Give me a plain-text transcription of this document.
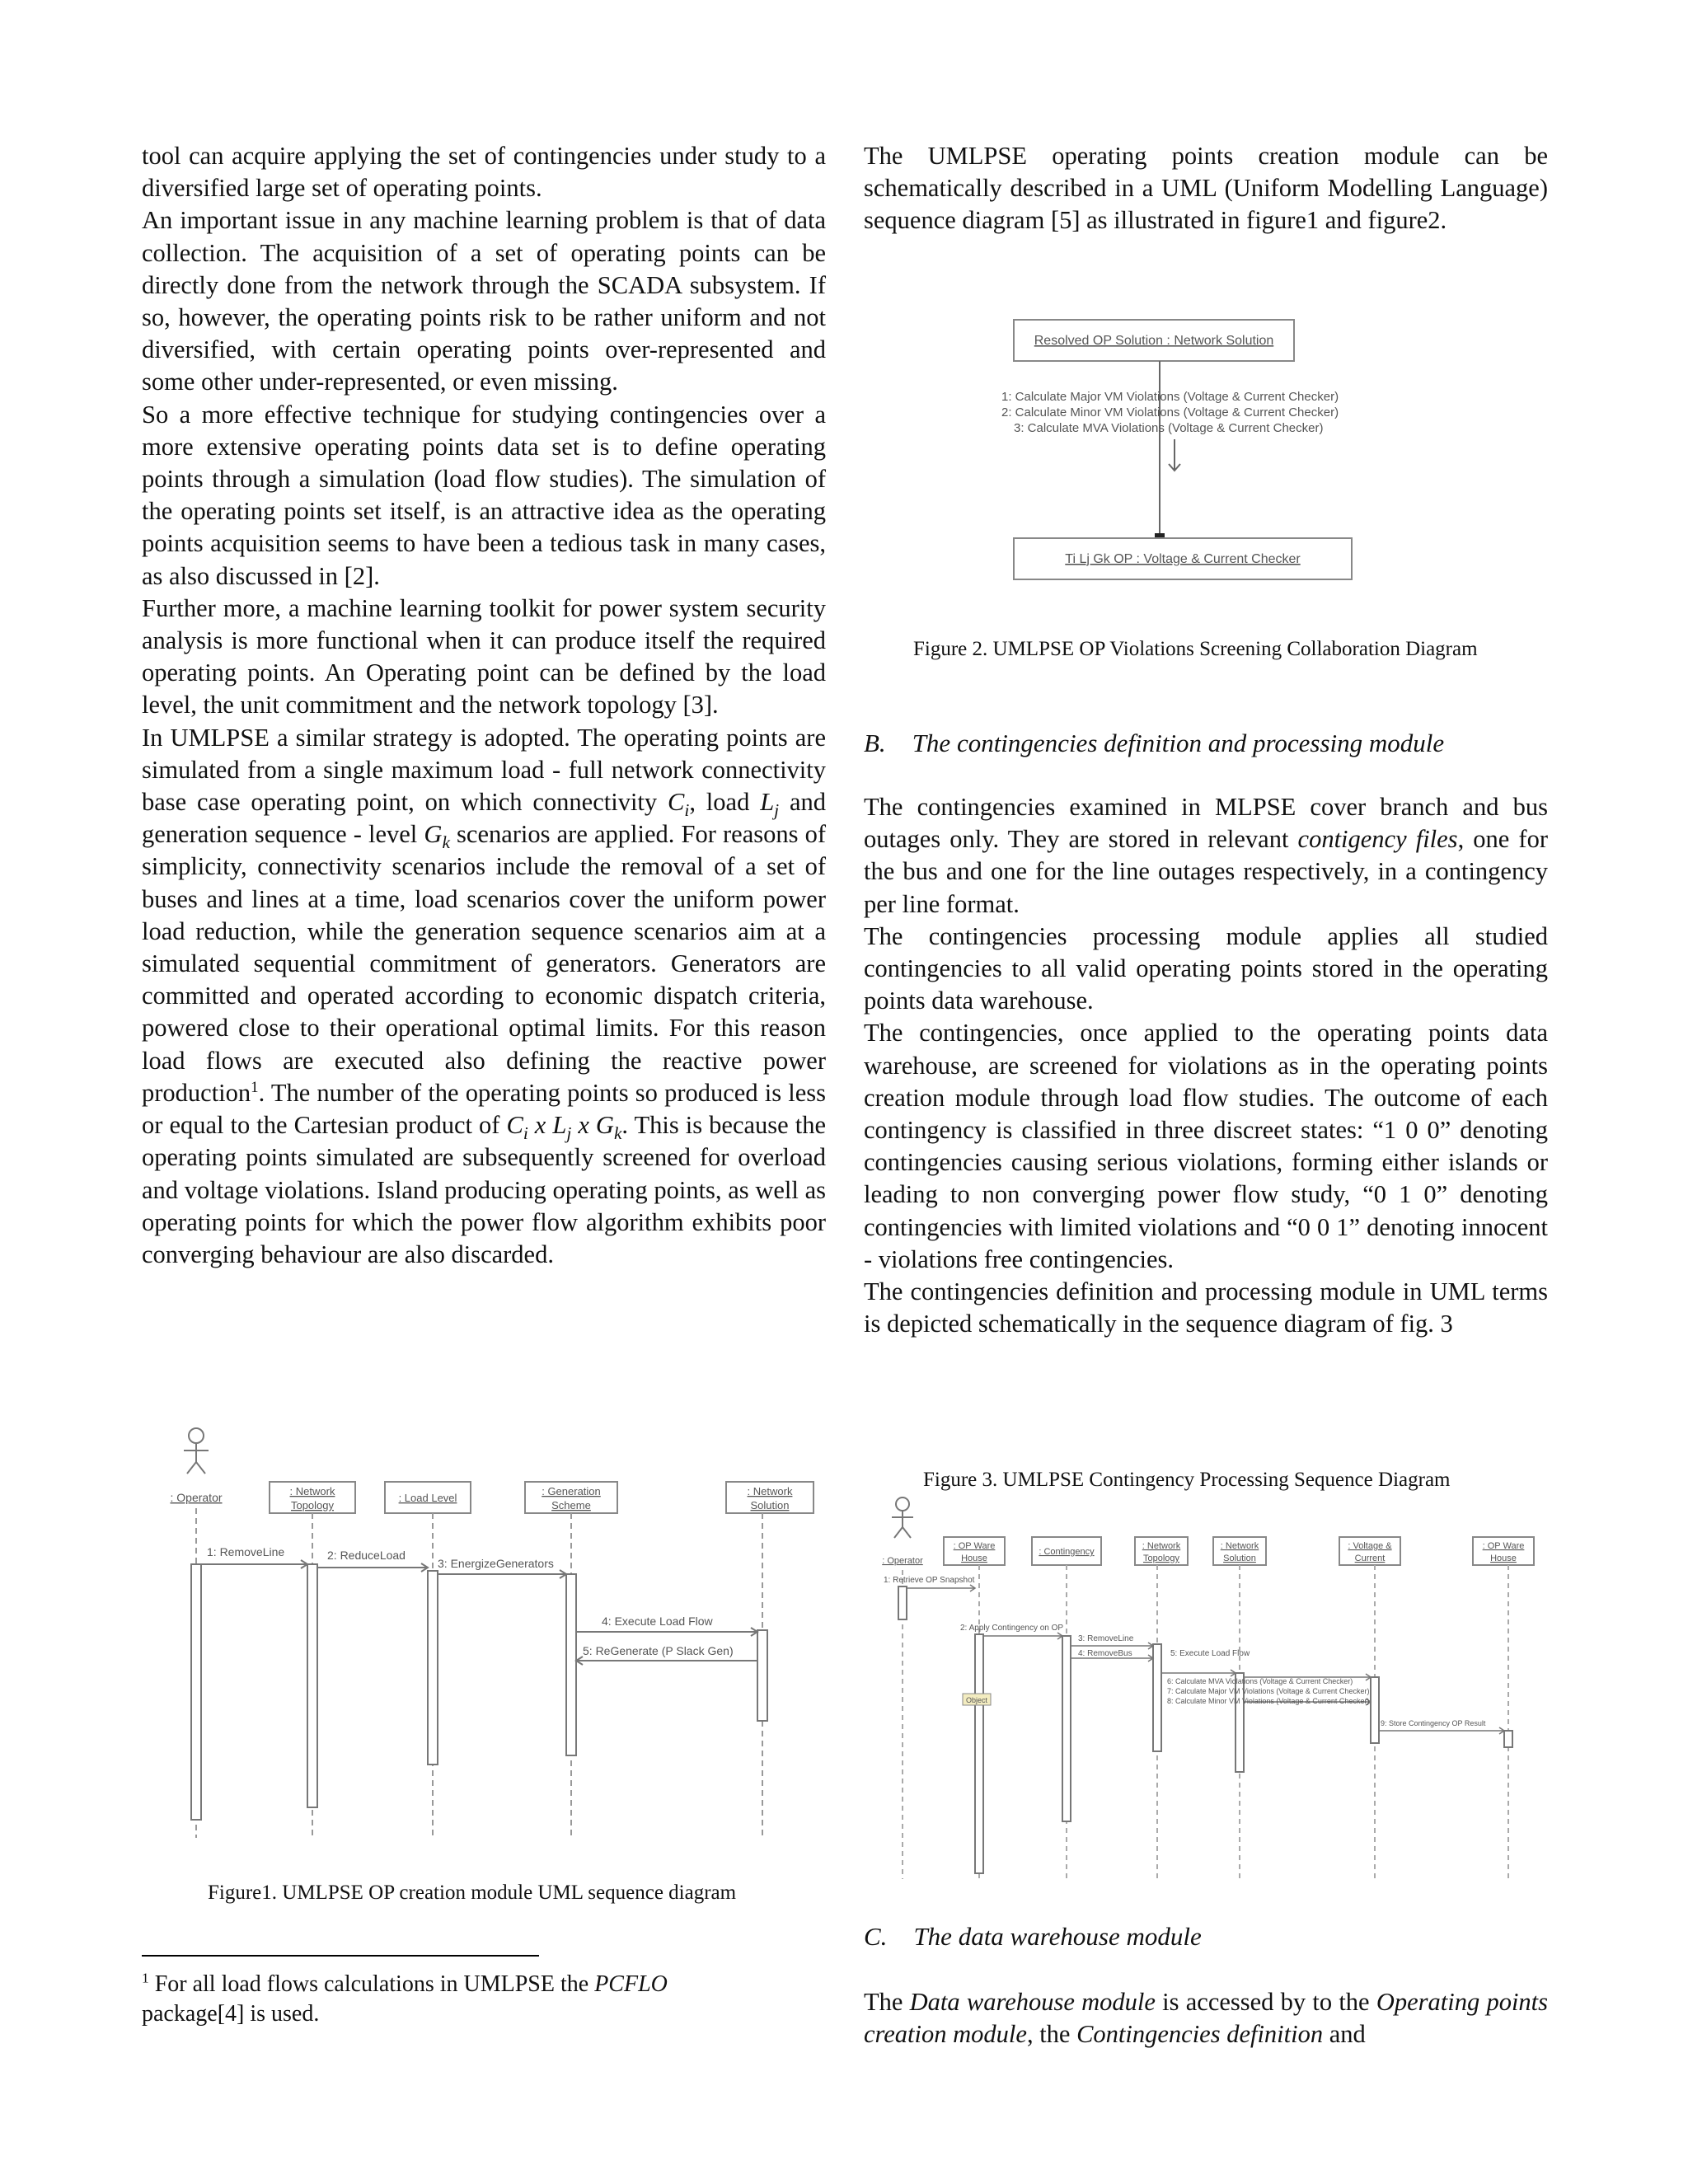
tool can acquire applying the set of contingencies under study to a diversified large set of operating points.

An important issue in any machine learning problem is that of data collection. The acquisition of a set of operating points can be directly done from the network through the SCADA subsystem. If so, however, the operating points risk to be rather uniform and not diversified, with certain operating points over-represented and some other under-represented, or even missing.

So a more effective technique for studying contingencies over a more extensive operating points data set is to define operating points through a simulation (load flow studies). The simulation of the operating points set itself, is an attractive idea as the operating points acquisition seems to have been a tedious task in many cases, as also discussed in [2].

Further more, a machine learning toolkit for power system security analysis is more functional when it can produce itself the required operating points. An Operating point can be defined by the load level, the unit commitment and the network topology [3].

In UMLPSE a similar strategy is adopted. The operating points are simulated from a single maximum load - full network connectivity base case operating point, on which connectivity $C_i$, load $L_j$ and generation sequence - level $G_k$ scenarios are applied. For reasons of simplicity, connectivity scenarios include the removal of a set of buses and lines at a time, load scenarios cover the uniform power load reduction, while the generation sequence scenarios aim at a simulated sequential commitment of generators. Generators are committed and operated according to economic dispatch criteria, powered close to their operational optimal limits. For this reason load flows are executed also defining the reactive power production$^1$. The number of the operating points so produced is less or equal to the Cartesian product of $C_i$ x $L_j$ x $G_k$. This is because the operating points simulated are subsequently screened for overload and voltage violations. Island producing operating points, as well as operating points for which the power flow algorithm exhibits poor converging behaviour are also discarded.

: Operator	: Network
Topology
: Load Level
: Generation
Scheme
: Network
Solution
1: RemoveLine	2: ReduceLoad
3: EnergizeGenerators
4: Execute Load Flow
5: ReGenerate (P Slack Gen)
Figure1. UMLPSE OP creation module UML sequence diagram
$^1$ For all load flows calculations in UMLPSE the PCFLO package[4] is used.

The UMLPSE operating points creation module can be schematically described in a UML (Uniform Modelling Language) sequence diagram [5] as illustrated in figure1 and figure2.

Resolved OP Solution : Network Solution
1: Calculate Major VM Violations (Voltage & Current Checker)
2: Calculate Minor VM Violations (Voltage & Current Checker)
3: Calculate MVA Violations (Voltage & Current Checker)
Ti Lj Gk OP : Voltage & Current Checker
Figure 2. UMLPSE OP Violations Screening Collaboration Diagram
B. The contingencies definition and processing module

The contingencies examined in MLPSE cover branch and bus outages only. They are stored in relevant contigency files, one for the bus and one for the line outages respectively, in a contingency per line format.

The contingencies processing module applies all studied contingencies to all valid operating points stored in the operating points data warehouse.

The contingencies, once applied to the operating points data warehouse, are screened for violations as in the operating points creation module through load flow studies. The outcome of each contingency is classified in three discreet states: “1 0 0” denoting contingencies causing serious violations, forming either islands or leading to non converging power flow study, “0 1 0” denoting contingencies with limited violations and “0 0 1” denoting innocent - violations free contingencies.

The contingencies definition and processing module in UML terms is depicted schematically in the sequence diagram of fig. 3

Figure 3. UMLPSE Contingency Processing Sequence Diagram
: Operator
: OP Ware
House
: Contingency
: Network
Topology
: Network
Solution
: Voltage &
Current
: OP Ware
House
1: Retrieve OP Snapshot
2: Apply Contingency on OP
3: RemoveLine
4: RemoveBus	5: Execute Load Flow
6: Calculate MVA Violations (Voltage & Current Checker)
7: Calculate Major VM Violations (Voltage & Current Checker)
8: Calculate Minor VM Violations (Voltage & Current Checker)
9: Store Contingency OP Result
Object
C. The data warehouse module

The Data warehouse module is accessed by to the Operating points creation module, the Contingencies definition and
